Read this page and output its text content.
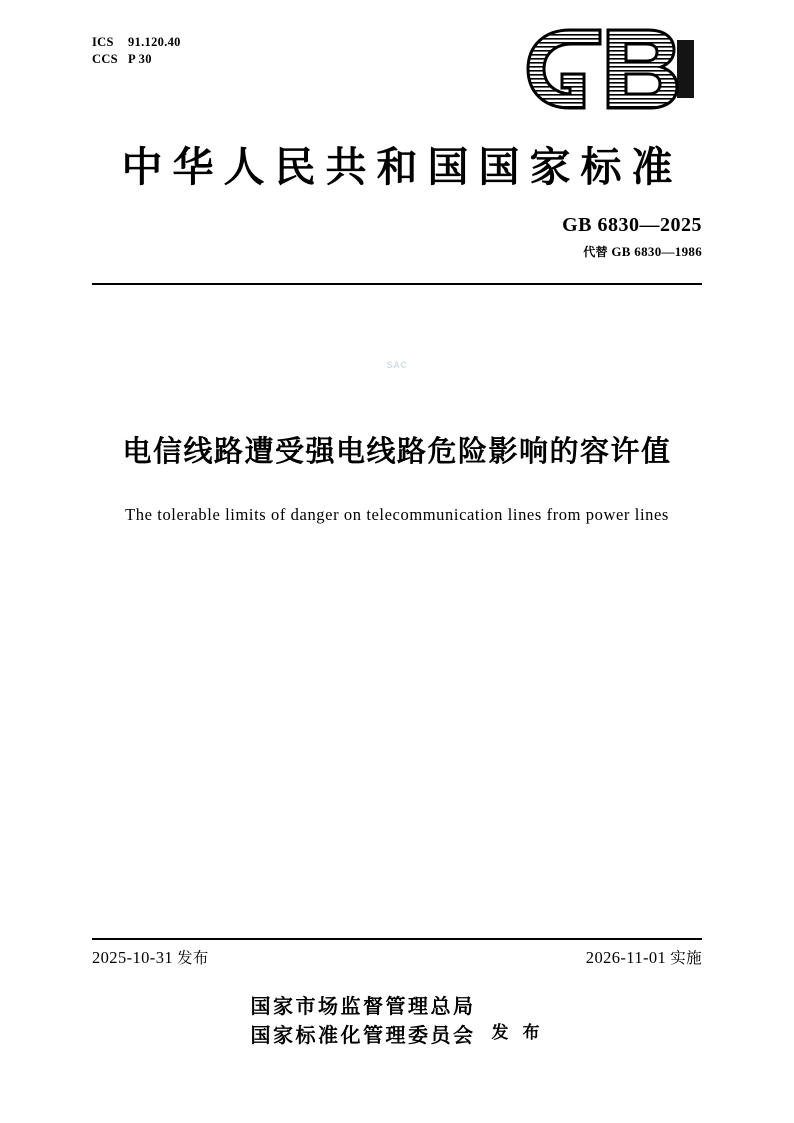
ICS 91.120.40
CCS P 30
中华人民共和国国家标准
GB 6830—2025
代替 GB 6830—1986
SAC
电信线路遭受强电线路危险影响的容许值
The tolerable limits of danger on telecommunication lines from power lines
2025-10-31 发布	2026-11-01 实施
国家市场监督管理总局
国家标准化管理委员会 发 布
